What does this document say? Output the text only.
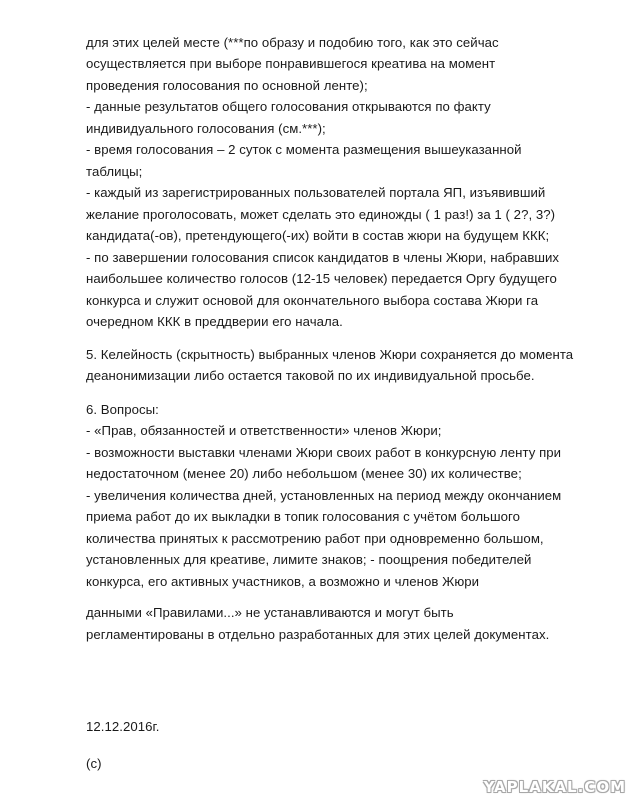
для этих целей месте (***по образу и подобию того, как это сейчас
осуществляется при выборе понравившегося креатива на момент
проведения голосования по основной ленте);
- данные результатов общего голосования открываются по факту
индивидуального голосования (см.***);
- время голосования – 2 суток с момента размещения вышеуказанной
таблицы;
- каждый из зарегистрированных пользователей портала ЯП, изъявивший
желание проголосовать, может сделать это единожды ( 1 раз!) за 1 ( 2?, 3?)
кандидата(-ов), претендующего(-их) войти в состав жюри на будущем ККК;
- по завершении голосования список кандидатов в члены Жюри, набравших
наибольшее количество голосов (12-15 человек) передается Оргу будущего
конкурса и служит основой для окончательного выбора состава Жюри га
очередном ККК в преддверии его начала.
5. Келейность (скрытность) выбранных членов Жюри сохраняется до момента
деанонимизации либо остается таковой по их индивидуальной просьбе.
6. Вопросы:
- «Прав, обязанностей и ответственности» членов Жюри;
- возможности выставки членами Жюри своих работ в конкурсную ленту при
недостаточном (менее 20) либо небольшом (менее 30) их количестве;
- увеличения количества дней, установленных на период между окончанием
приема работ до их выкладки в топик голосования с учётом большого
количества принятых к рассмотрению работ при одновременно большом,
установленных для креативе, лимите знаков; - поощрения победителей
конкурса, его активных участников, а возможно и членов Жюри
данными «Правилами...» не устанавливаются и могут быть
регламентированы в отдельно разработанных для этих целей документах.
12.12.2016г.
(с)
YAPLAKAL.COM
